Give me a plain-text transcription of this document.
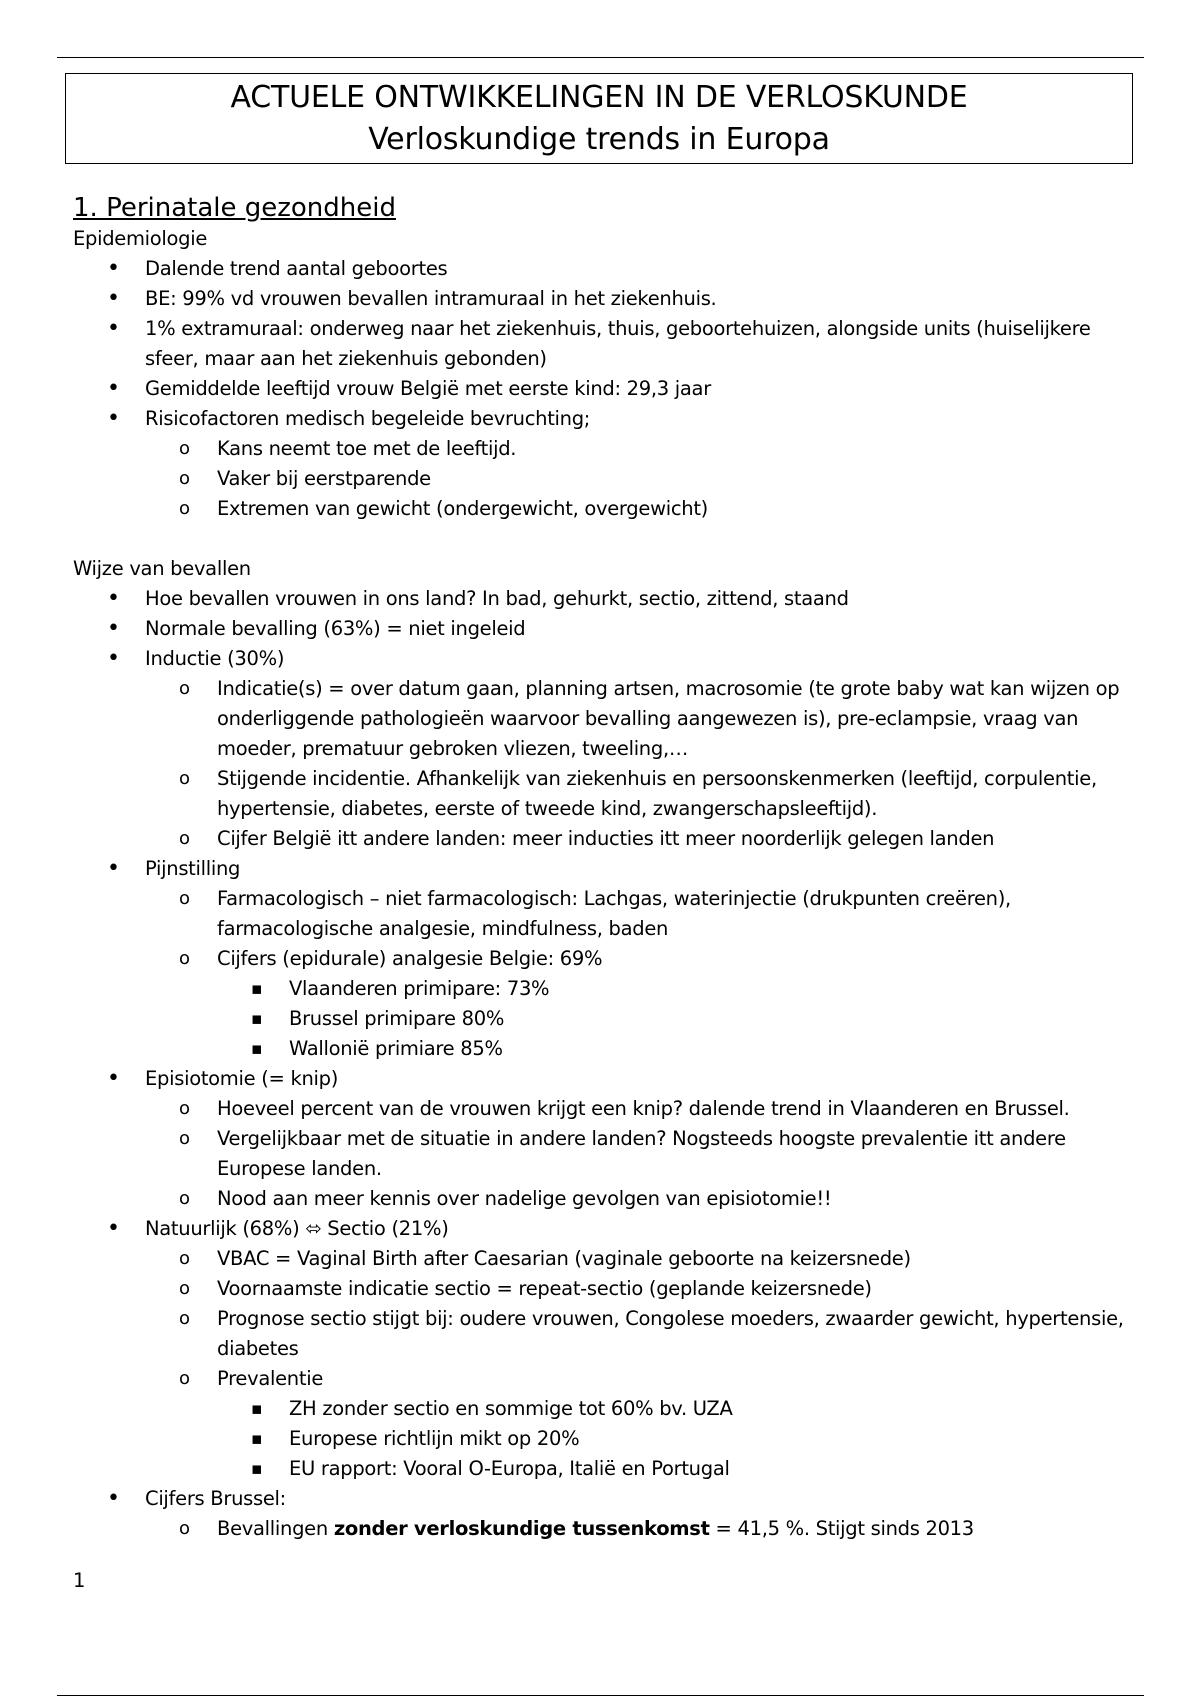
ACTUELE ONTWIKKELINGEN IN DE VERLOSKUNDE
Verloskundige trends in Europa
1. Perinatale gezondheid

Epidemiologie

• Dalende trend aantal geboortes
• BE: 99% vd vrouwen bevallen intramuraal in het ziekenhuis.
• 1% extramuraal: onderweg naar het ziekenhuis, thuis, geboortehuizen, alongside units (huiselijkere sfeer, maar aan het ziekenhuis gebonden)
• Gemiddelde leeftijd vrouw België met eerste kind: 29,3 jaar
• Risicofactoren medisch begeleide bevruchting;
o Kans neemt toe met de leeftijd.
o Vaker bij eerstparende
o Extremen van gewicht (ondergewicht, overgewicht)

Wijze van bevallen

• Hoe bevallen vrouwen in ons land? In bad, gehurkt, sectio, zittend, staand
• Normale bevalling (63%) = niet ingeleid
• Inductie (30%)
o Indicatie(s) = over datum gaan, planning artsen, macrosomie (te grote baby wat kan wijzen op onderliggende pathologieën waarvoor bevalling aangewezen is), pre-eclampsie, vraag van moeder, prematuur gebroken vliezen, tweeling,…
o Stijgende incidentie. Afhankelijk van ziekenhuis en persoonskenmerken (leeftijd, corpulentie, hypertensie, diabetes, eerste of tweede kind, zwangerschapsleeftijd).
o Cijfer België itt andere landen: meer inducties itt meer noorderlijk gelegen landen
• Pijnstilling
o Farmacologisch – niet farmacologisch: Lachgas, waterinjectie (drukpunten creëren), farmacologische analgesie, mindfulness, baden
o Cijfers (epidurale) analgesie Belgie: 69%
▪ Vlaanderen primipare: 73%
▪ Brussel primipare 80%
▪ Wallonië primiare 85%
• Episiotomie (= knip)
o Hoeveel percent van de vrouwen krijgt een knip? dalende trend in Vlaanderen en Brussel.
o Vergelijkbaar met de situatie in andere landen? Nogsteeds hoogste prevalentie itt andere Europese landen.
o Nood aan meer kennis over nadelige gevolgen van episiotomie!!
• Natuurlijk (68%) ⬄ Sectio (21%)
o VBAC = Vaginal Birth after Caesarian (vaginale geboorte na keizersnede)
o Voornaamste indicatie sectio = repeat-sectio (geplande keizersnede)
o Prognose sectio stijgt bij: oudere vrouwen, Congolese moeders, zwaarder gewicht, hypertensie, diabetes
o Prevalentie
▪ ZH zonder sectio en sommige tot 60% bv. UZA
▪ Europese richtlijn mikt op 20%
▪ EU rapport: Vooral O-Europa, Italië en Portugal
• Cijfers Brussel:
o Bevallingen zonder verloskundige tussenkomst = 41,5 %. Stijgt sinds 2013
1
